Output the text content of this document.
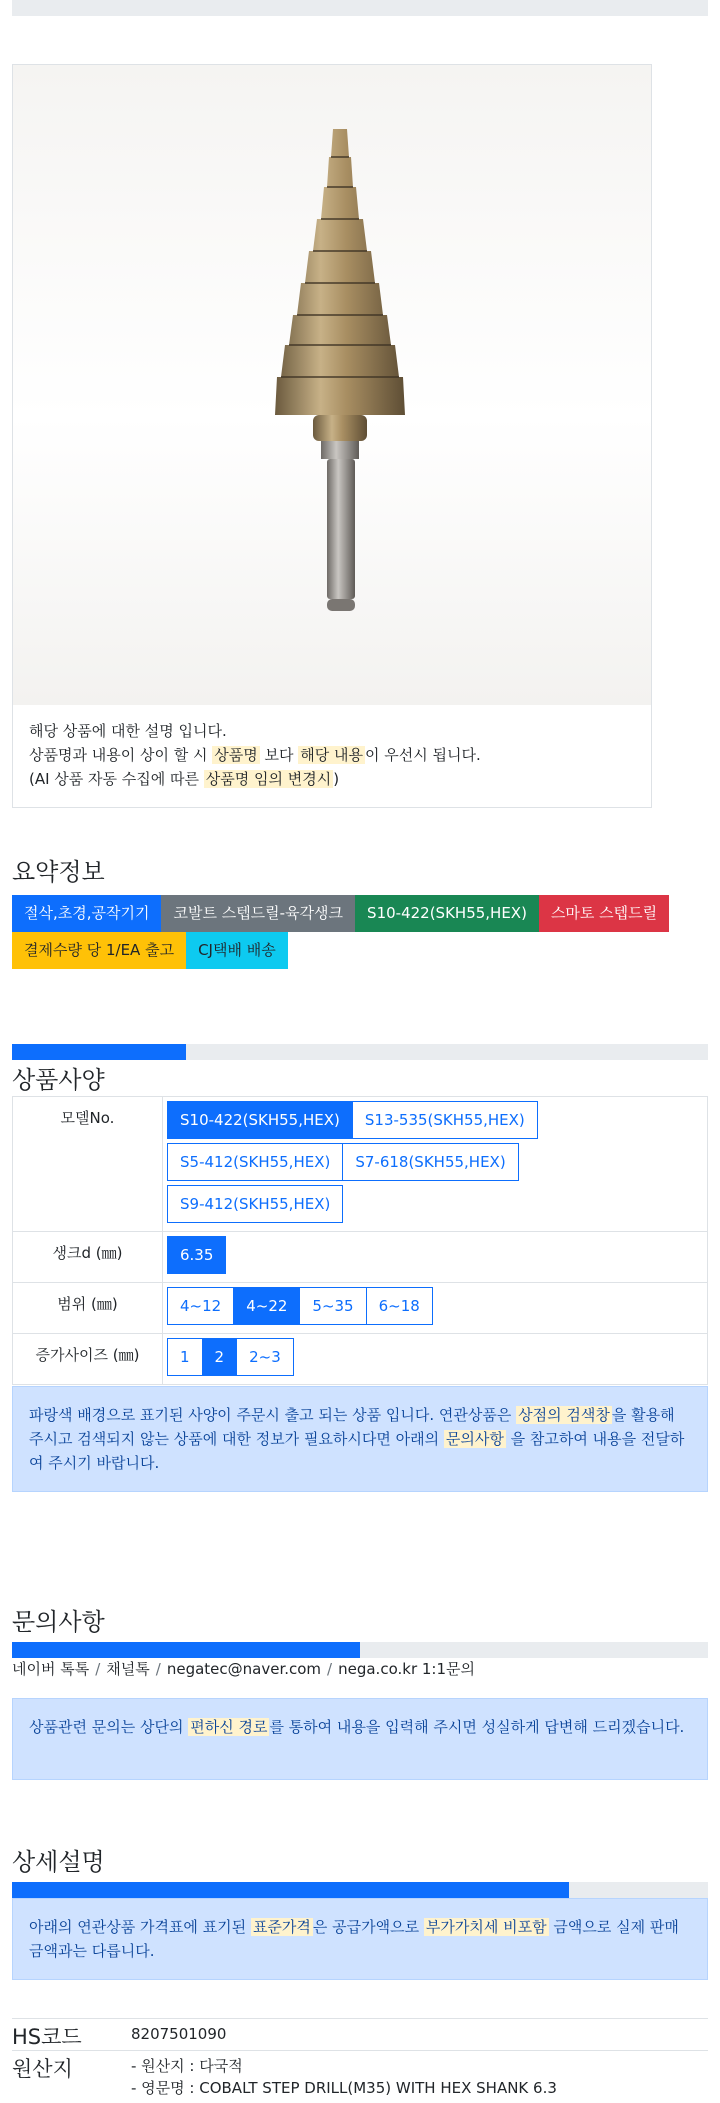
해당 상품에 대한 설명 입니다.
상품명과 내용이 상이 할 시 상품명 보다 해당 내용 이 우선시 됩니다.
(AI 상품 자동 수집에 따른 상품명 임의 변경시 )
요약정보
절삭,초경,공작기기	코발트 스텝드릴-육각생크	S10-422(SKH55,HEX)	스마토 스텝드릴
결제수량 당 1/EA 출고	CJ택배 배송
상품사양
모델No.	S10-422(SKH55,HEX) S13-535(SKH55,HEX)
S5-412(SKH55,HEX) S7-618(SKH55,HEX)
S9-412(SKH55,HEX)

생크d (㎜)	6.35

범위 (㎜)	4~12 4~22 5~35 6~18

증가사이즈 (㎜)	1 2 2~3
파랑색 배경으로 표기된 사양이 주문시 출고 되는 상품 입니다. 연관상품은 상점의 검색창 을 활용해 주시고 검색되지 않는 상품에 대한 정보가 필요하시다면 아래의 문의사항 을 참고하여 내용을 전달하여 주시기 바랍니다.
문의사항
네이버 톡톡 / 채널톡 / negatec@naver.com / nega.co.kr 1:1문의
상품관련 문의는 상단의 편하신 경로 를 통하여 내용을 입력해 주시면 성실하게 답변해 드리겠습니다.
상세설명
아래의 연관상품 가격표에 표기된 표준가격 은 공급가액으로 부가가치세 비포함 금액으로 실제 판매금액과는 다릅니다.
HS코드	8207501090
원산지	- 원산지 : 다국적
- 영문명 : COBALT STEP DRILL(M35) WITH HEX SHANK 6.3
